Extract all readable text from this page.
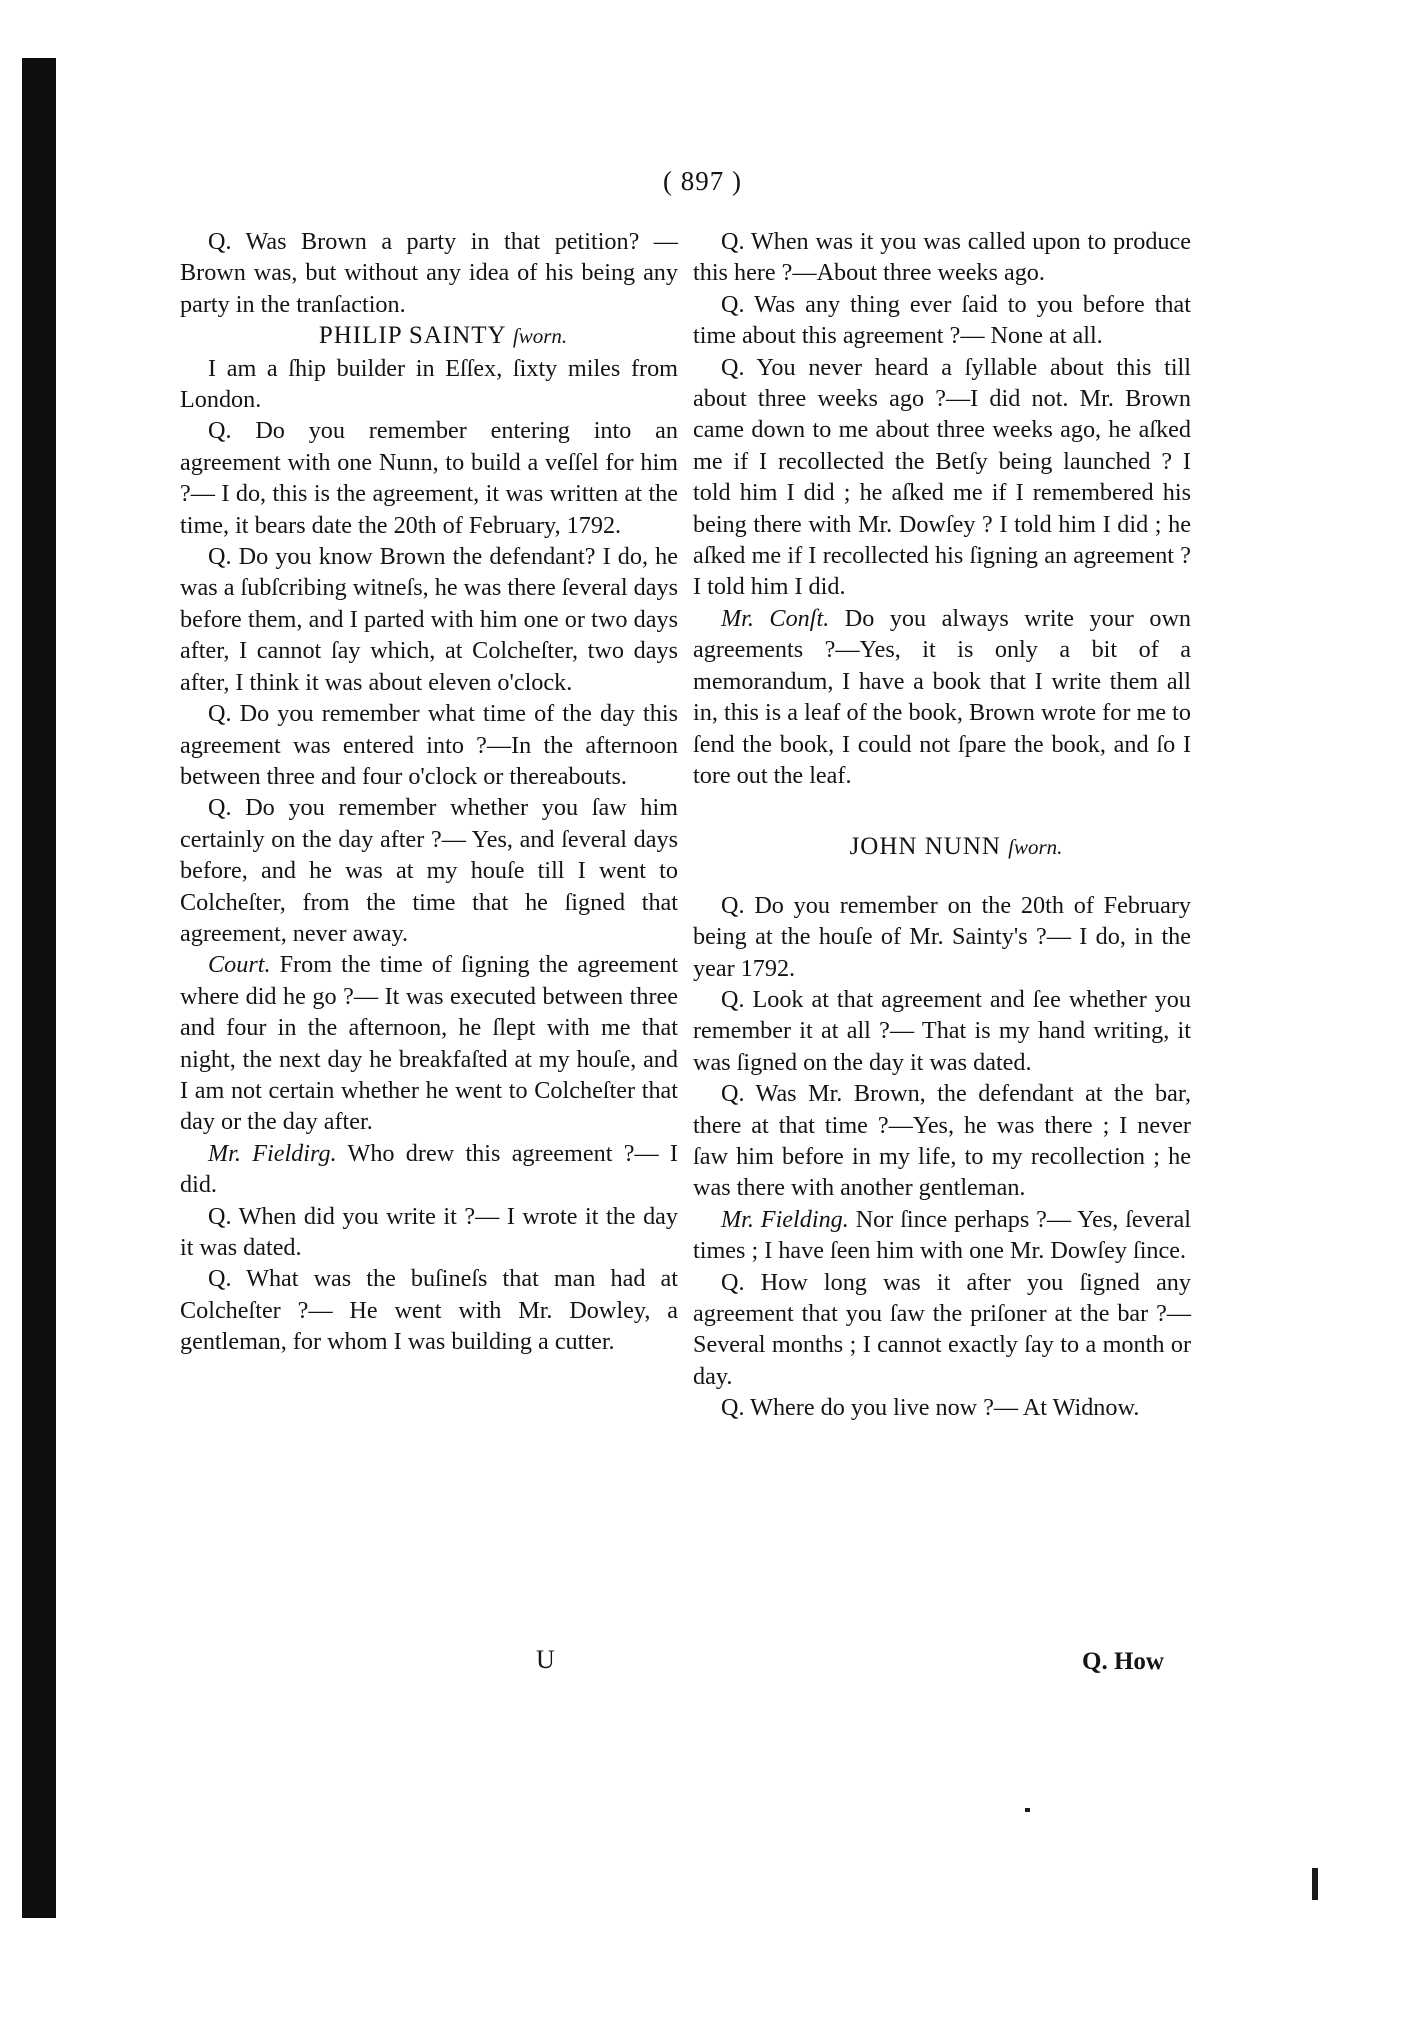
( 897 )

Q. Was Brown a party in that petition? — Brown was, but without any idea of his being any party in the tranſaction.

PHILIP SAINTY ſworn.

I am a ſhip builder in Eſſex, ſixty miles from London.

Q. Do you remember entering into an agreement with one Nunn, to build a veſſel for him ?— I do, this is the agreement, it was written at the time, it bears date the 20th of February, 1792.

Q. Do you know Brown the defendant? I do, he was a ſubſcribing witneſs, he was there ſeveral days before them, and I parted with him one or two days after, I cannot ſay which, at Colcheſter, two days after, I think it was about eleven o'clock.

Q. Do you remember what time of the day this agreement was entered into ?—In the afternoon between three and four o'clock or thereabouts.

Q. Do you remember whether you ſaw him certainly on the day after ?— Yes, and ſeveral days before, and he was at my houſe till I went to Colcheſter, from the time that he ſigned that agreement, never away.

Court. From the time of ſigning the agreement where did he go ?— It was executed between three and four in the afternoon, he ſlept with me that night, the next day he breakfaſted at my houſe, and I am not certain whether he went to Colcheſter that day or the day after.

Mr. Fieldirg. Who drew this agreement ?— I did.

Q. When did you write it ?— I wrote it the day it was dated.

Q. What was the buſineſs that man had at Colcheſter ?— He went with Mr. Dowley, a gentleman, for whom I was building a cutter.

Q. When was it you was called upon to produce this here ?—About three weeks ago.

Q. Was any thing ever ſaid to you before that time about this agreement ?— None at all.

Q. You never heard a ſyllable about this till about three weeks ago ?—I did not. Mr. Brown came down to me about three weeks ago, he aſked me if I recollected the Betſy being launched ? I told him I did ; he aſked me if I remembered his being there with Mr. Dowſey ? I told him I did ; he aſked me if I recollected his ſigning an agreement ? I told him I did.

Mr. Conſt. Do you always write your own agreements ?—Yes, it is only a bit of a memorandum, I have a book that I write them all in, this is a leaf of the book, Brown wrote for me to ſend the book, I could not ſpare the book, and ſo I tore out the leaf.

JOHN NUNN ſworn.

Q. Do you remember on the 20th of February being at the houſe of Mr. Sainty's ?— I do, in the year 1792.

Q. Look at that agreement and ſee whether you remember it at all ?— That is my hand writing, it was ſigned on the day it was dated.

Q. Was Mr. Brown, the defendant at the bar, there at that time ?—Yes, he was there ; I never ſaw him before in my life, to my recollection ; he was there with another gentleman.

Mr. Fielding. Nor ſince perhaps ?— Yes, ſeveral times ; I have ſeen him with one Mr. Dowſey ſince.

Q. How long was it after you ſigned any agreement that you ſaw the priſoner at the bar ?—Several months ; I cannot exactly ſay to a month or day.

Q. Where do you live now ?— At Widnow.

U	Q. How
